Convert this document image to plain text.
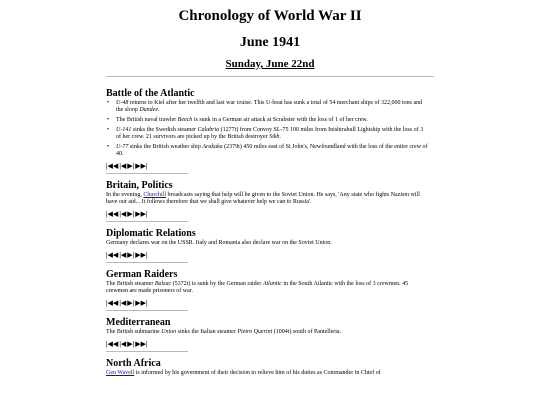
Chronology of World War II
June 1941
Sunday, June 22nd
Battle of the Atlantic
• U-48 returns to Kiel after her twelfth and last war cruise. This U-boat has sunk a total of 54 merchant ships of 322,000 tons and the sloop Dundee.
• The British naval trawler Beech is sunk in a German air attack at Scrabster with the loss of 1 of her crew.
• U-141 sinks the Swedish steamer Calabria (1277t) from Convoy SL-75 100 miles from Inishtrahull Lightship with the loss of 3 of her crew. 21 survivors are picked up by the British destroyer Sikh.
• U-77 sinks the British weather ship Arakaka (2379t) 450 miles east of St John's, Newfoundland with the loss of the entire crew of 40.
|◀◀ |◀ ▶| ▶▶|
Britain, Politics

In the evening, Churchill broadcasts saying that help will be given to the Soviet Union. He says, 'Any state who fights Nazism will have our aid... It follows therefore that we shall give whatever help we can to Russia'.

|◀◀ |◀ ▶| ▶▶|
Diplomatic Relations

Germany declares war on the USSR. Italy and Romania also declare war on the Soviet Union.

|◀◀ |◀ ▶| ▶▶|
German Raiders

The British steamer Balzac (5372t) is sunk by the German raider Atlantic in the South Atlantic with the loss of 3 crewmen. 45 crewmen are made prisoners of war.

|◀◀ |◀ ▶| ▶▶|
Mediterranean

The British submarine Union sinks the Italian steamer Pietro Querini (1004t) south of Pantelleria.

|◀◀ |◀ ▶| ▶▶|
North Africa

Gen Wavell is informed by his government of their decision to relieve him of his duties as Commander in Chief of
